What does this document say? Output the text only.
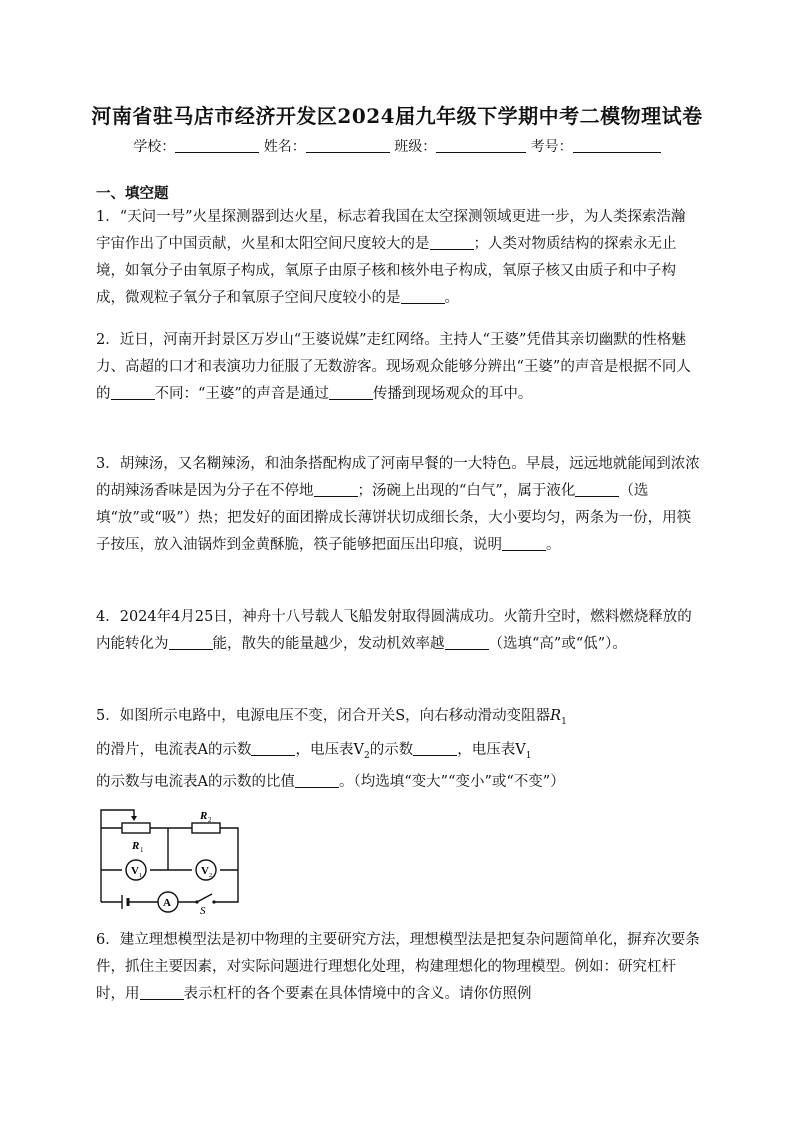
河南省驻马店市经济开发区2024届九年级下学期中考二模物理试卷
学校：	姓名：	班级：	考号：
一、填空题
1．“天问一号”火星探测器到达火星，标志着我国在太空探测领域更进一步，为人类探索浩瀚宇宙作出了中国贡献，火星和太阳空间尺度较大的是	；人类对物质结构的探索永无止境，如氧分子由氧原子构成，氧原子由原子核和核外电子构成，氧原子核又由质子和中子构成，微观粒子氧分子和氧原子空间尺度较小的是	。
2．近日，河南开封景区万岁山“王婆说媒”走红网络。主持人“王婆”凭借其亲切幽默的性格魅力、高超的口才和表演功力征服了无数游客。现场观众能够分辨出“王婆”的声音是根据不同人的	不同：“王婆”的声音是通过	传播到现场观众的耳中。
3．胡辣汤，又名糊辣汤，和油条搭配构成了河南早餐的一大特色。早晨，远远地就能闻到浓浓的胡辣汤香味是因为分子在不停地	；汤碗上出现的“白气”，属于液化	（选填“放”或“吸”）热；把发好的面团擀成长薄饼状切成细长条，大小要均匀，两条为一份，用筷子按压，放入油锅炸到金黄酥脆，筷子能够把面压出印痕，说明	。
4．2024年4月25日，神舟十八号载人飞船发射取得圆满成功。火箭升空时，燃料燃烧释放的内能转化为	能，散失的能量越少，发动机效率越	（选填“高”或“低”）。
5．如图所示电路中，电源电压不变，闭合开关S，向右移动滑动变阻器$R_1$
的滑片，电流表A的示数	，电压表$V_2$的示数	，电压表$V_1$
的示数与电流表A的示数的比值	。（均选填“变大”“变小”或“不变”）
R 1
R 2
V 1	V 2
A
S
6．建立理想模型法是初中物理的主要研究方法，理想模型法是把复杂问题简单化，摒弃次要条件，抓住主要因素，对实际问题进行理想化处理，构建理想化的物理模型。例如：研究杠杆时，用	表示杠杆的各个要素在具体情境中的含义。请你仿照例
